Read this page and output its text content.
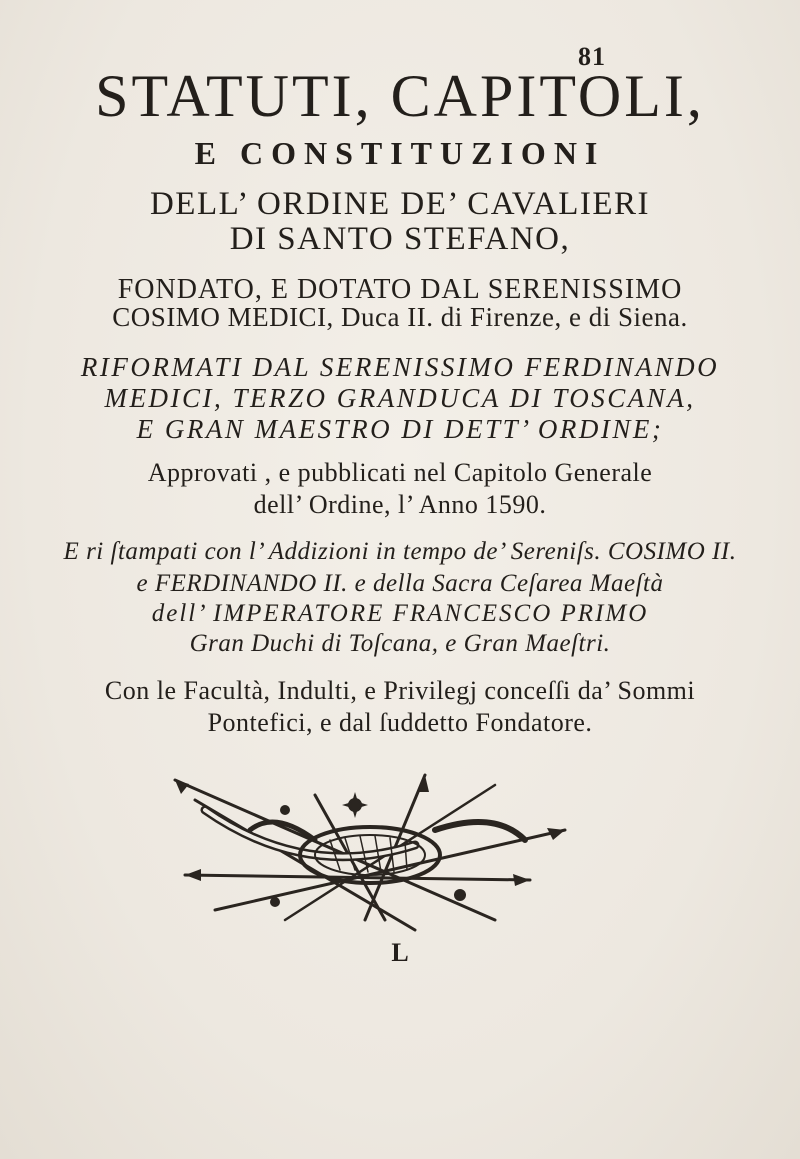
81
STATUTI, CAPITOLI,
E CONSTITUZIONI
DELL’ ORDINE DE’ CAVALIERI
DI SANTO STEFANO,
FONDATO, E DOTATO DAL SERENISSIMO
COSIMO MEDICI, Duca II. di Firenze, e di Siena.
RIFORMATI DAL SERENISSIMO FERDINANDO
MEDICI, TERZO GRANDUCA DI TOSCANA,
E GRAN MAESTRO DI DETT’ ORDINE;
Approvati , e pubblicati nel Capitolo Generale
dell’ Ordine, l’ Anno 1590.
E ri ſtampati con l’ Addizioni in tempo de’ Sereniſs. COSIMO II.
e FERDINANDO II. e della Sacra Ceſarea Maeſtà
dell’ IMPERATORE FRANCESCO PRIMO
Gran Duchi di Toſcana, e Gran Maeſtri.
Con le Facultà, Indulti, e Privilegj conceſſi da’ Sommi
Pontefici, e dal ſuddetto Fondatore.
L
